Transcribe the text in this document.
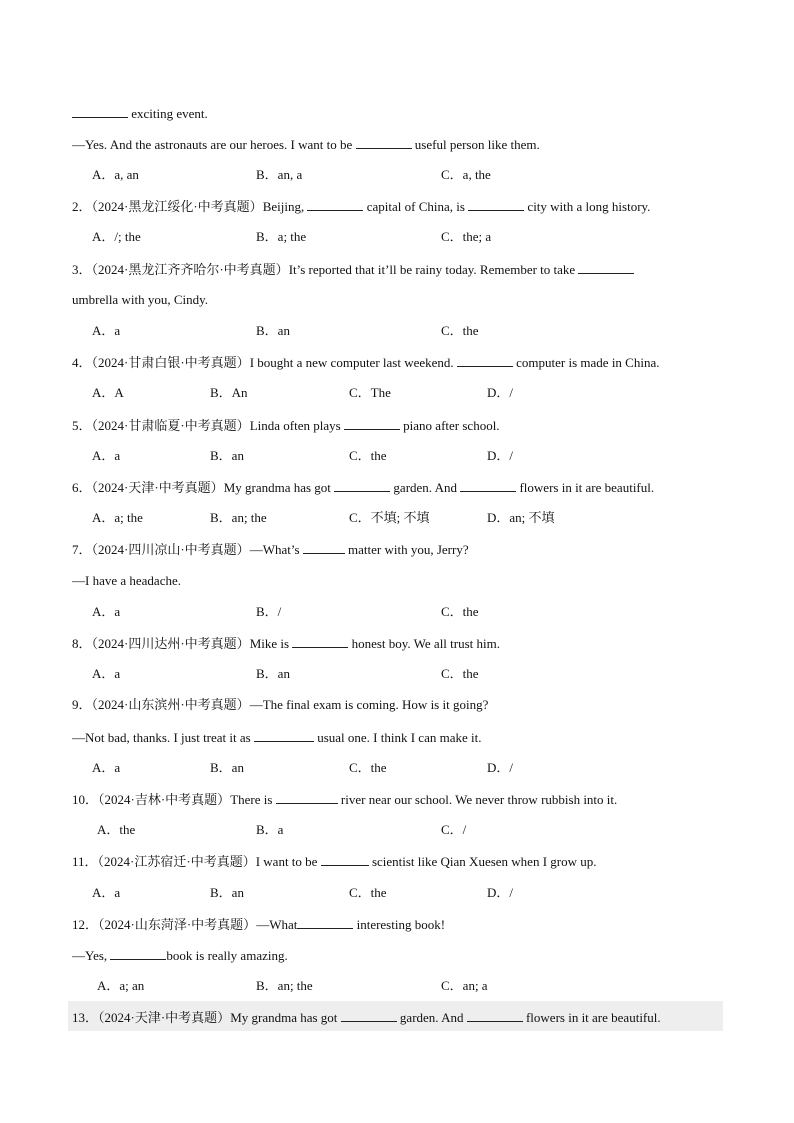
exciting event.
—Yes. And the astronauts are our heroes. I want to be	useful person like them.
A．a, an	B．an, a	C．a, the
2．（2024·黑龙江绥化·中考真题）Beijing,	capital of China, is	city with a long history.
A．/; the	B．a; the	C．the; a
3．（2024·黑龙江齐齐哈尔·中考真题）It’s reported that it’ll be rainy today. Remember to take
umbrella with you, Cindy.
A．a	B．an	C．the
4．（2024·甘肃白银·中考真题）I bought a new computer last weekend.	computer is made in China.
A．A	B．An	C．The	D．/
5．（2024·甘肃临夏·中考真题）Linda often plays	piano after school.
A．a	B．an	C．the	D．/
6．（2024·天津·中考真题）My grandma has got	garden. And	flowers in it are beautiful.
A．a; the	B．an; the	C．不填; 不填	D．an; 不填
7．（2024·四川凉山·中考真题）—What’s	matter with you, Jerry?
—I have a headache.
A．a	B．/	C．the
8．（2024·四川达州·中考真题）Mike is	honest boy. We all trust him.
A．a	B．an	C．the
9．（2024·山东滨州·中考真题）—The final exam is coming. How is it going?
—Not bad, thanks. I just treat it as	usual one. I think I can make it.
A．a	B．an	C．the	D．/
10．（2024·吉林·中考真题）There is	river near our school. We never throw rubbish into it.
A．the	B．a	C．/
11．（2024·江苏宿迁·中考真题）I want to be	scientist like Qian Xuesen when I grow up.
A．a	B．an	C．the	D．/
12．（2024·山东菏泽·中考真题）—What	interesting book!
—Yes,	book is really amazing.
A．a; an	B．an; the	C．an; a
13．（2024·天津·中考真题）My grandma has got	garden. And	flowers in it are beautiful.
